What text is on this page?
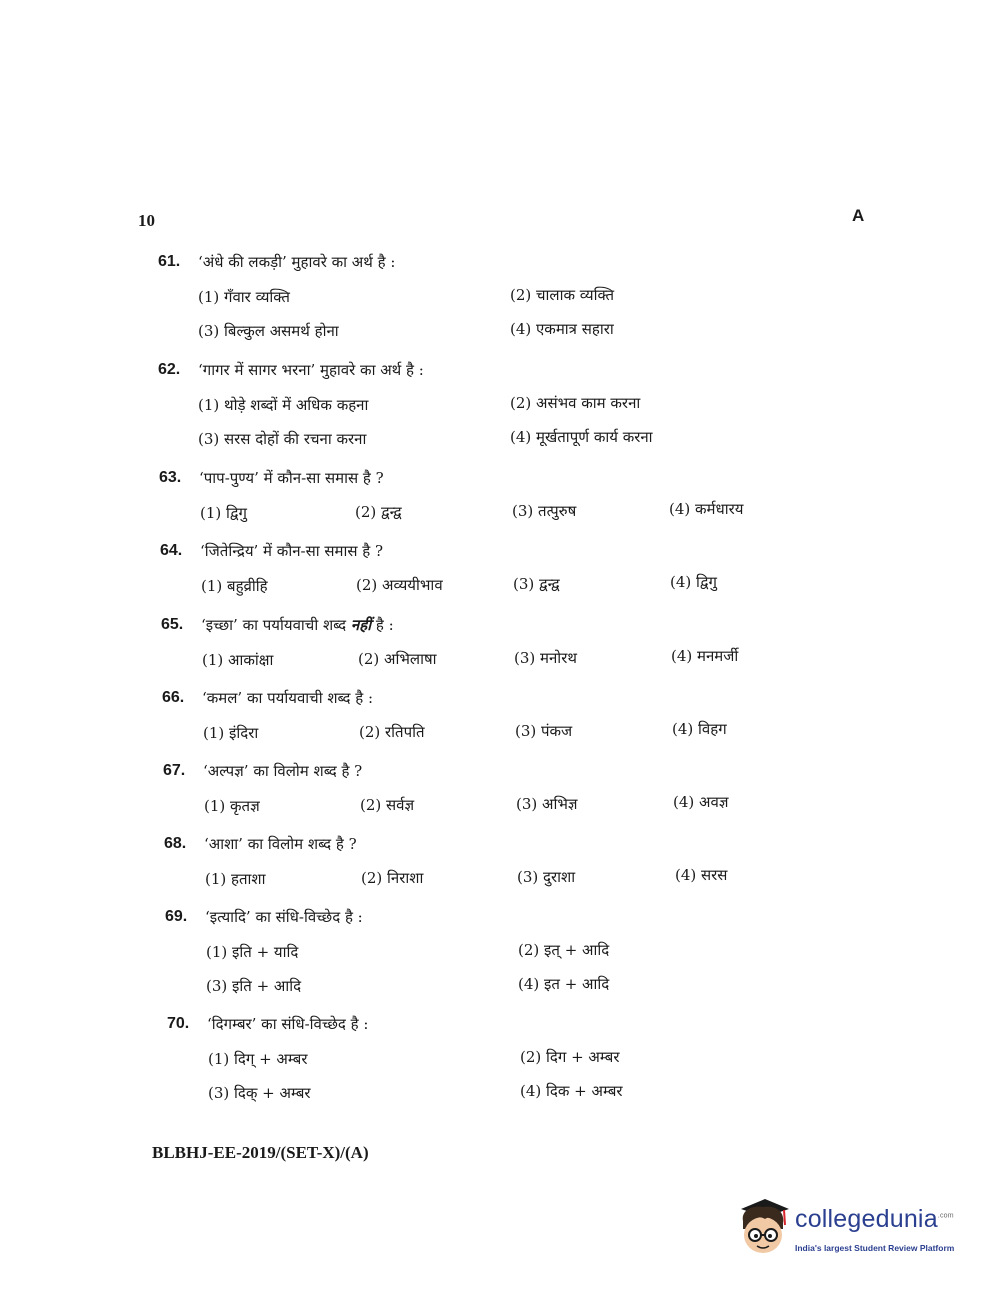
10	A
61. ‘अंधे की लकड़ी’ मुहावरे का अर्थ है :
(1) गँवार व्यक्ति	(2) चालाक व्यक्ति
(3) बिल्कुल असमर्थ होना	(4) एकमात्र सहारा
62. ‘गागर में सागर भरना’ मुहावरे का अर्थ है :
(1) थोड़े शब्दों में अधिक कहना	(2) असंभव काम करना
(3) सरस दोहों की रचना करना	(4) मूर्खतापूर्ण कार्य करना
63. ‘पाप-पुण्य’ में कौन-सा समास है ?
(1) द्विगु	(2) द्वन्द्व	(3) तत्पुरुष	(4) कर्मधारय
64. ‘जितेन्द्रिय’ में कौन-सा समास है ?
(1) बहुव्रीहि	(2) अव्ययीभाव	(3) द्वन्द्व	(4) द्विगु
65. ‘इच्छा’ का पर्यायवाची शब्द नहीं है :
(1) आकांक्षा	(2) अभिलाषा	(3) मनोरथ	(4) मनमर्जी
66. ‘कमल’ का पर्यायवाची शब्द है :
(1) इंदिरा	(2) रतिपति	(3) पंकज	(4) विहग
67. ‘अल्पज्ञ’ का विलोम शब्द है ?
(1) कृतज्ञ	(2) सर्वज्ञ	(3) अभिज्ञ	(4) अवज्ञ
68. ‘आशा’ का विलोम शब्द है ?
(1) हताशा	(2) निराशा	(3) दुराशा	(4) सरस
69. ‘इत्यादि’ का संधि-विच्छेद है :
(1) इति + यादि	(2) इत् + आदि
(3) इति + आदि	(4) इत + आदि
70. ‘दिगम्बर’ का संधि-विच्छेद है :
(1) दिग् + अम्बर	(2) दिग + अम्बर
(3) दिक् + अम्बर	(4) दिक + अम्बर
BLBHJ-EE-2019/(SET-X)/(A)
collegedunia$^{.com}$
India's largest Student Review Platform
